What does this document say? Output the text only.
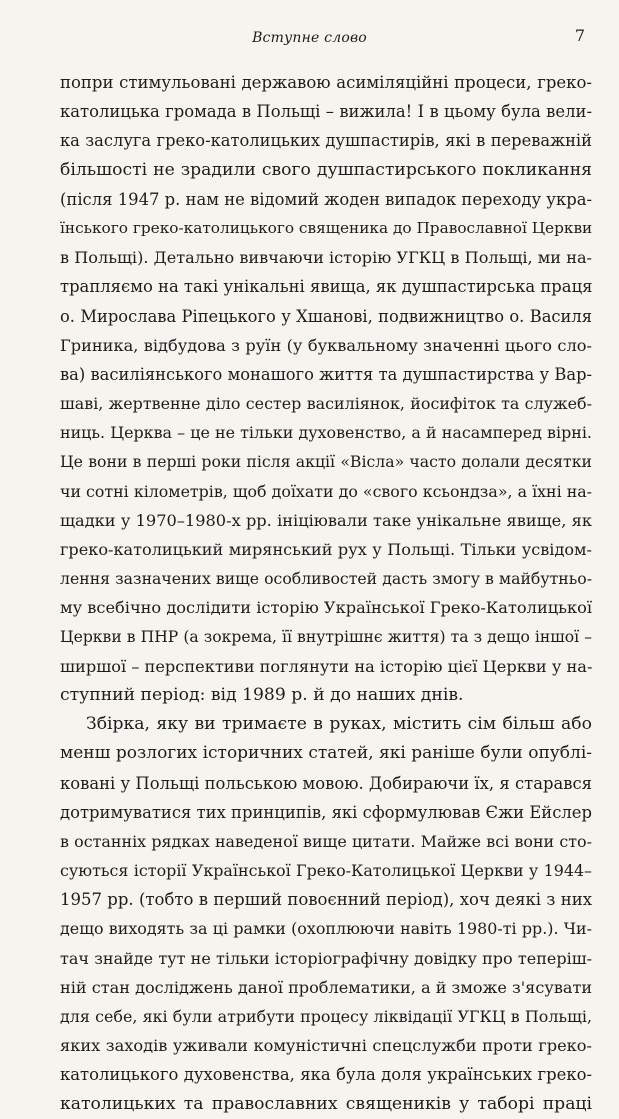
Вступне слово	7
попри стимульовані державою асиміляційні процеси, греко-
католицька громада в Польщі – вижила! І в цьому була вели-
ка заслуга греко-католицьких душпастирів, які в переважній
більшості не зрадили свого душпастирського покликання
(після 1947 р. нам не відомий жоден випадок переходу укра-
їнського греко-католицького священика до Православної Церкви
в Польщі). Детально вивчаючи історію УГКЦ в Польщі, ми на-
трапляємо на такі унікальні явища, як душпастирська праця
о. Мирослава Ріпецького у Хшанові, подвижництво о. Василя
Гриника, відбудова з руїн (у буквальному значенні цього сло-
ва) василіянського монашого життя та душпастирства у Вар-
шаві, жертвенне діло сестер василіянок, йосифіток та служеб-
ниць. Церква – це не тільки духовенство, а й насамперед вірні.
Це вони в перші роки після акції «Вісла» часто долали десятки
чи сотні кілометрів, щоб доїхати до «свого ксьондза», а їхні на-
щадки у 1970–1980-х рр. ініціювали таке унікальне явище, як
греко-католицький мирянський рух у Польщі. Тільки усвідом-
лення зазначених вище особливостей дасть змогу в майбутньо-
му всебічно дослідити історію Української Греко-Католицької
Церкви в ПНР (а зокрема, її внутрішнє життя) та з дещо іншої –
ширшої – перспективи поглянути на історію цієї Церкви у на-
ступний період: від 1989 р. й до наших днів.
Збірка, яку ви тримаєте в руках, містить сім більш або
менш розлогих історичних статей, які раніше були опублі-
ковані у Польщі польською мовою. Добираючи їх, я старався
дотримуватися тих принципів, які сформулював Єжи Ейслер
в останніх рядках наведеної вище цитати. Майже всі вони сто-
суються історії Української Греко-Католицької Церкви у 1944–
1957 рр. (тобто в перший повоєнний період), хоч деякі з них
дещо виходять за ці рамки (охоплюючи навіть 1980-ті рр.). Чи-
тач знайде тут не тільки історіографічну довідку про теперіш-
ній стан досліджень даної проблематики, а й зможе з'ясувати
для себе, які були атрибути процесу ліквідації УГКЦ в Польщі,
яких заходів уживали комуністичні спецслужби проти греко-
католицького духовенства, яка була доля українських греко-
католицьких та православних священиків у таборі праці
